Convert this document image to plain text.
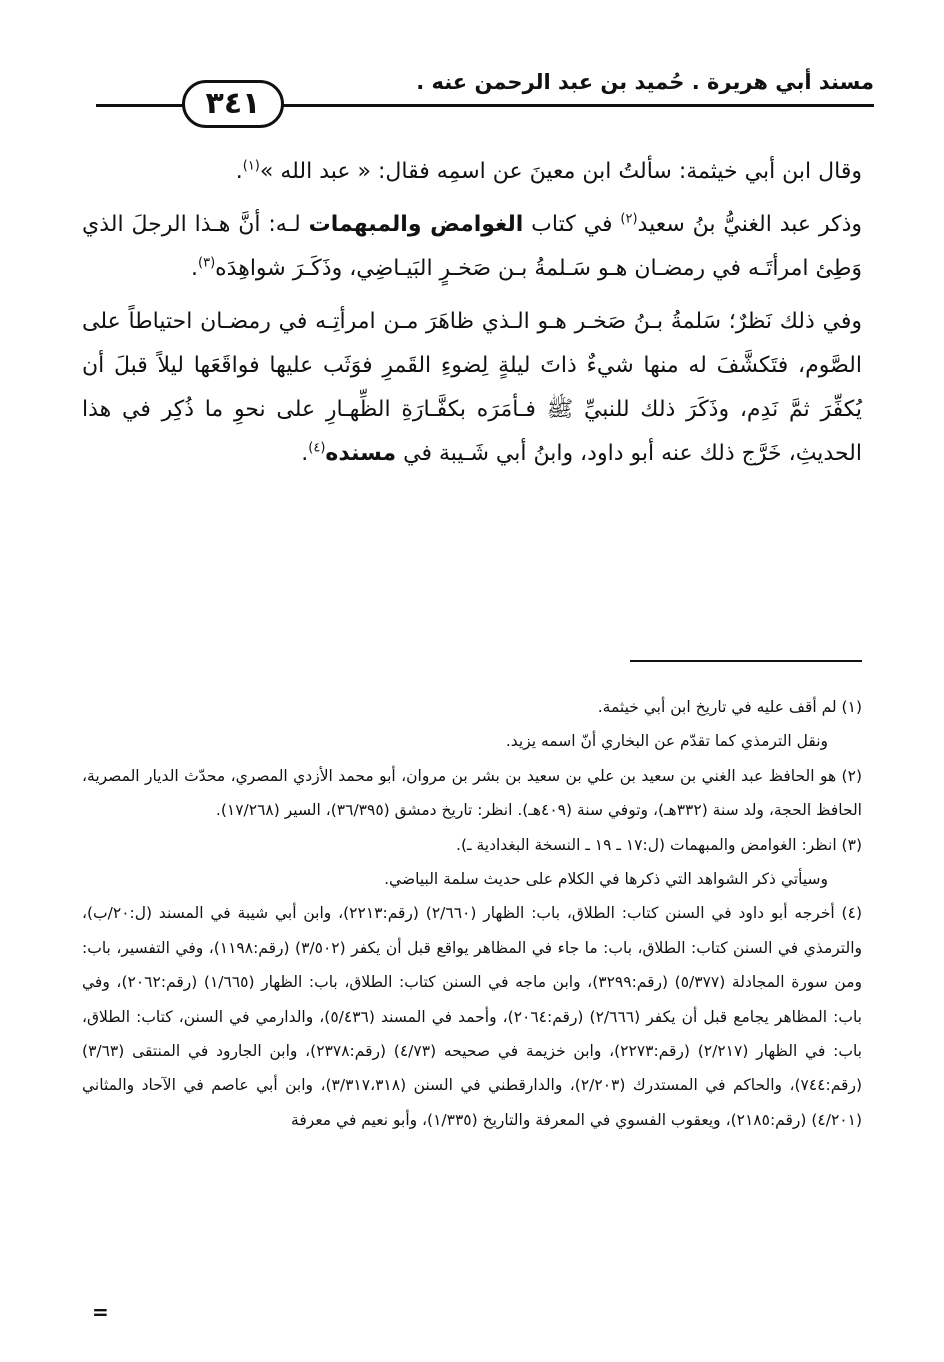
مسند أبي هريرة . حُميد بن عبد الرحمن عنه .
٣٤١

وقال ابن أبي خيثمة: سألتُ ابن معينَ عن اسمِه فقال: « عبد الله »$^{(١)}$.

وذكر عبد الغنيُّ بنُ سعيد$^{(٢)}$ في كتاب الغوامض والمبهمات لـه: أنَّ هـذا الرجلَ الذي وَطِئ امرأتَـه في رمضـان هـو سَـلمةُ بـن صَخـرٍ البَيـاضِي، وذَكَـرَ شواهِدَه$^{(٣)}$.

وفي ذلك نَظرٌ؛ سَلمةُ بـنُ صَخـر هـو الـذي ظاهَرَ مـن امرأتِـه في رمضـان احتياطاً على الصَّوم، فتَكشَّفَ له منها شيءٌ ذاتَ ليلةٍ لِضوءِ القَمرِ فوَثَب عليها فواقَعَها ليلاً قبلَ أن يُكفِّرَ ثمَّ نَدِم، وذَكَرَ ذلك للنبيِّ ﷺ فـأمَرَه بكفَّـارَةِ الظِّهـارِ على نحوِ ما ذُكِر في هذا الحديثِ، خَرَّج ذلك عنه أبو داود، وابنُ أبي شَـيبة في مسنده$^{(٤)}$.

(١) لم أقف عليه في تاريخ ابن أبي خيثمة.

ونقل الترمذي كما تقدّم عن البخاري أنّ اسمه يزيد.

(٢) هو الحافظ عبد الغني بن سعيد بن علي بن سعيد بن بشر بن مروان، أبو محمد الأزدي المصري، محدّث الديار المصرية، الحافظ الحجة، ولد سنة (٣٣٢هـ)، وتوفي سنة (٤٠٩هـ). انظر: تاريخ دمشق (٣٦/٣٩٥)، السير (١٧/٢٦٨).

(٣) انظر: الغوامض والمبهمات (ل:١٧ ـ ١٩ ـ النسخة البغدادية ـ).

وسيأتي ذكر الشواهد التي ذكرها في الكلام على حديث سلمة البياضي.

(٤) أخرجه أبو داود في السنن كتاب: الطلاق، باب: الظهار (٢/٦٦٠) (رقم:٢٢١٣)، وابن أبي شيبة في المسند (ل:٢٠/ب)، والترمذي في السنن كتاب: الطلاق، باب: ما جاء في المظاهر يواقع قبل أن يكفر (٣/٥٠٢) (رقم:١١٩٨)، وفي التفسير، باب: ومن سورة المجادلة (٥/٣٧٧) (رقم:٣٢٩٩)، وابن ماجه في السنن كتاب: الطلاق، باب: الظهار (١/٦٦٥) (رقم:٢٠٦٢)، وفي باب: المظاهر يجامع قبل أن يكفر (٢/٦٦٦) (رقم:٢٠٦٤)، وأحمد في المسند (٥/٤٣٦)، والدارمي في السنن، كتاب: الطلاق، باب: في الظهار (٢/٢١٧) (رقم:٢٢٧٣)، وابن خزيمة في صحيحه (٤/٧٣) (رقم:٢٣٧٨)، وابن الجارود في المنتقى (٣/٦٣) (رقم:٧٤٤)، والحاكم في المستدرك (٢/٢٠٣)، والدارقطني في السنن (٣/٣١٧،٣١٨)، وابن أبي عاصم في الآحاد والمثاني (٤/٢٠١) (رقم:٢١٨٥)، ويعقوب الفسوي في المعرفة والتاريخ (١/٣٣٥)، وأبو نعيم في معرفة

=
